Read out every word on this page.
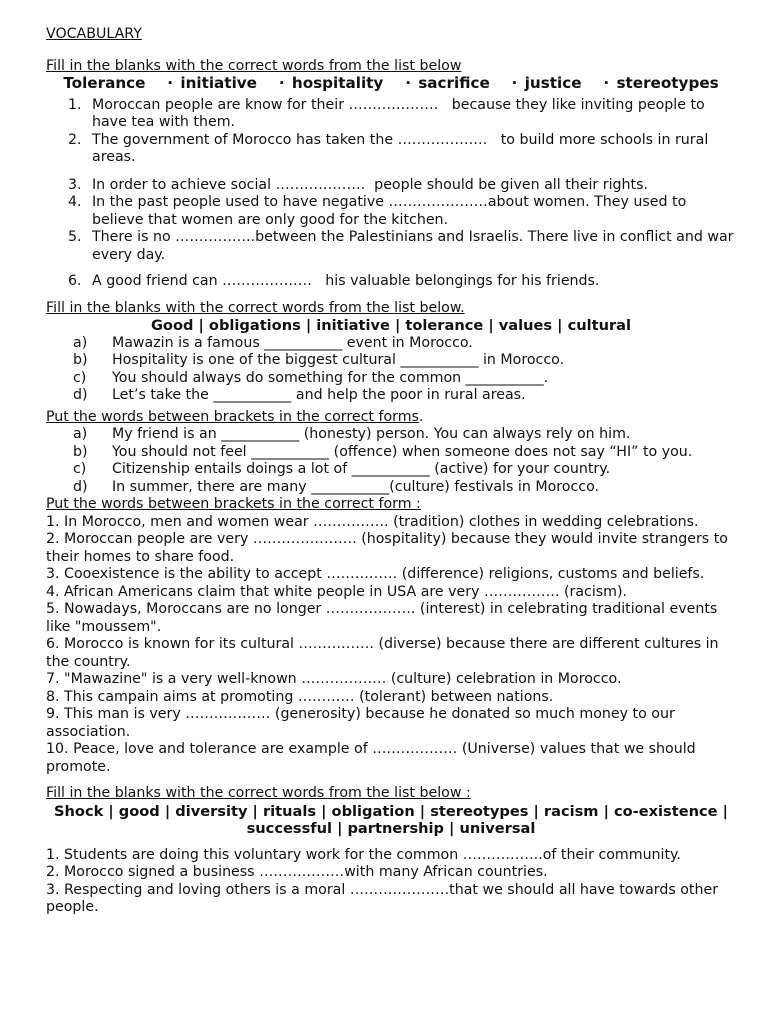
VOCABULARY

Fill in the blanks with the correct words from the list below

Tolerance   · initiative   · hospitality   · sacrifice   · justice   · stereotypes

1. Moroccan people are know for their ……………….   because they like inviting people to have tea with them.
2. The government of Morocco has taken the ……………….   to build more schools in rural areas.
3. In order to achieve social ……………….  people should be given all their rights.
4. In the past people used to have negative …………………about women. They used to believe that women are only good for the kitchen.
5. There is no ……………..between the Palestinians and Israelis. There live in conflict and war every day.
6. A good friend can ……………….   his valuable belongings for his friends.

Fill in the blanks with the correct words from the list below.

Good | obligations | initiative | tolerance | values | cultural

a) Mawazin is a famous ___________ event in Morocco.
b) Hospitality is one of the biggest cultural ___________ in Morocco.
c) You should always do something for the common ___________.
d) Let’s take the ___________ and help the poor in rural areas.

Put the words between brackets in the correct forms.

a) My friend is an ___________ (honesty) person. You can always rely on him.
b) You should not feel ___________ (offence) when someone does not say “HI” to you.
c) Citizenship entails doings a lot of ___________ (active) for your country.
d) In summer, there are many ___________(culture) festivals in Morocco.

Put the words between brackets in the correct form :

1. In Morocco, men and women wear ……………. (tradition) clothes in wedding celebrations.

2. Moroccan people are very …………………. (hospitality) because they would invite strangers to their homes to share food.

3. Cooexistence is the ability to accept …………… (difference) religions, customs and beliefs.

4. African Americans claim that white people in USA are very ……………. (racism).

5. Nowadays, Moroccans are no longer ………………. (interest) in celebrating traditional events like "moussem".

6. Morocco is known for its cultural ……………. (diverse) because there are different cultures in the country.

7. "Mawazine" is a very well-known ……………… (culture) celebration in Morocco.

8. This campain aims at promoting ………… (tolerant) between nations.

9. This man is very ……………… (generosity) because he donated so much money to our association.

10. Peace, love and tolerance are example of ……………… (Universe) values that we should promote.

Fill in the blanks with the correct words from the list below :

Shock | good | diversity | rituals | obligation | stereotypes | racism | co-existence |

successful | partnership | universal

1. Students are doing this voluntary work for the common ……………..of their community.

2. Morocco signed a business ………………with many African countries.

3. Respecting and loving others is a moral …………………that we should all have towards other people.
